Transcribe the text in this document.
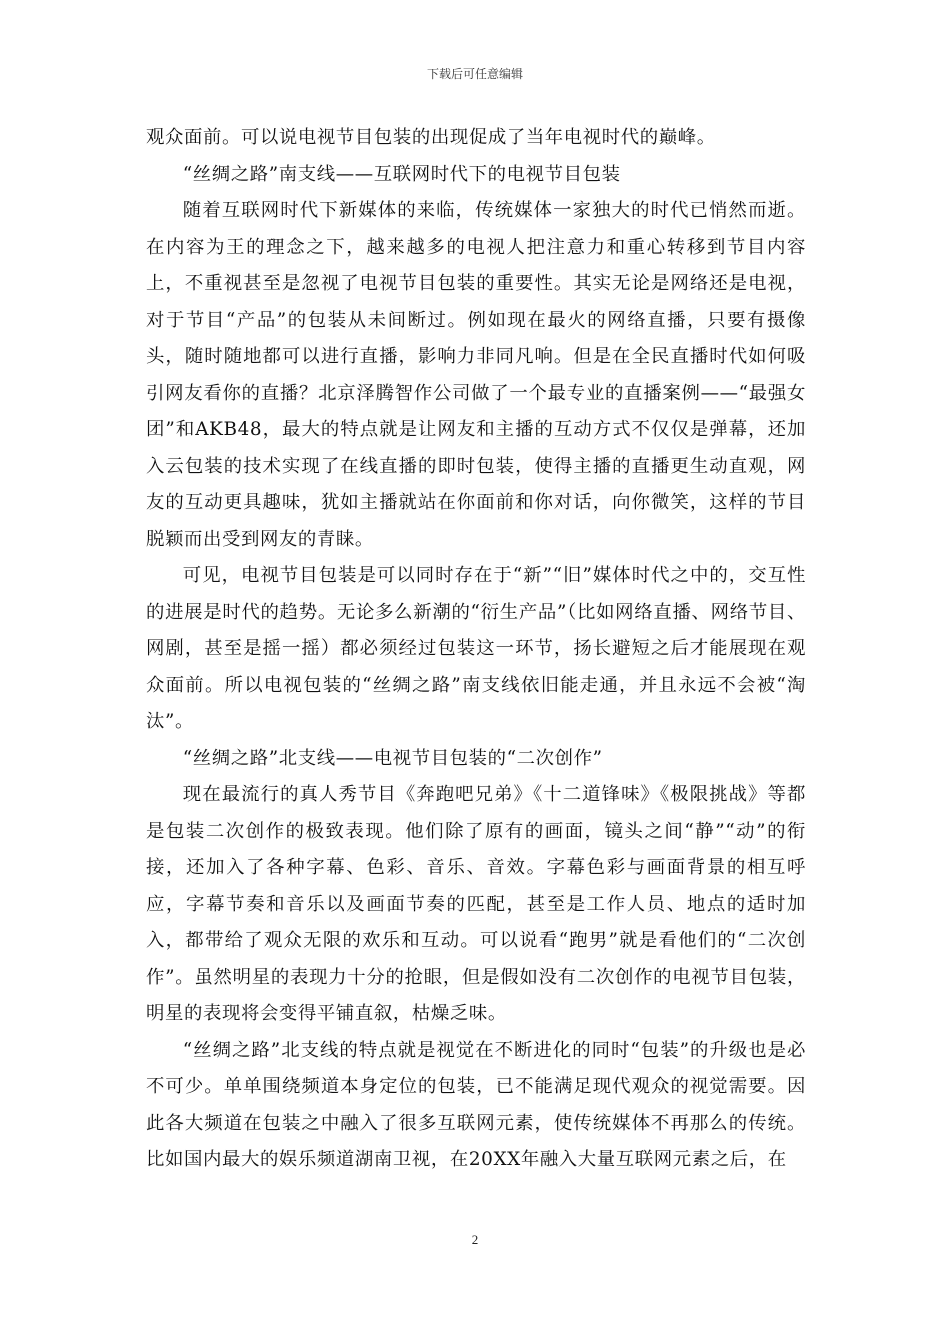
下载后可任意编辑

观众面前。可以说电视节目包装的出现促成了当年电视时代的巅峰。

“丝绸之路”南支线——互联网时代下的电视节目包装

随着互联网时代下新媒体的来临，传统媒体一家独大的时代已悄然而逝。在内容为王的理念之下，越来越多的电视人把注意力和重心转移到节目内容上，不重视甚至是忽视了电视节目包装的重要性。其实无论是网络还是电视，对于节目“产品”的包装从未间断过。例如现在最火的网络直播，只要有摄像头，随时随地都可以进行直播，影响力非同凡响。但是在全民直播时代如何吸引网友看你的直播？北京泽腾智作公司做了一个最专业的直播案例——“最强女团”和AKB48，最大的特点就是让网友和主播的互动方式不仅仅是弹幕，还加入云包装的技术实现了在线直播的即时包装，使得主播的直播更生动直观，网友的互动更具趣味，犹如主播就站在你面前和你对话，向你微笑，这样的节目脱颖而出受到网友的青睐。

可见，电视节目包装是可以同时存在于“新”“旧”媒体时代之中的，交互性的进展是时代的趋势。无论多么新潮的“衍生产品”（比如网络直播、网络节目、网剧，甚至是摇一摇）都必须经过包装这一环节，扬长避短之后才能展现在观众面前。所以电视包装的“丝绸之路”南支线依旧能走通，并且永远不会被“淘汰”。

“丝绸之路”北支线——电视节目包装的“二次创作”

现在最流行的真人秀节目《奔跑吧兄弟》《十二道锋味》《极限挑战》等都是包装二次创作的极致表现。他们除了原有的画面，镜头之间“静”“动”的衔接，还加入了各种字幕、色彩、音乐、音效。字幕色彩与画面背景的相互呼应，字幕节奏和音乐以及画面节奏的匹配，甚至是工作人员、地点的适时加入，都带给了观众无限的欢乐和互动。可以说看“跑男”就是看他们的“二次创作”。虽然明星的表现力十分的抢眼，但是假如没有二次创作的电视节目包装，明星的表现将会变得平铺直叙，枯燥乏味。

“丝绸之路”北支线的特点就是视觉在不断进化的同时“包装”的升级也是必不可少。单单围绕频道本身定位的包装，已不能满足现代观众的视觉需要。因此各大频道在包装之中融入了很多互联网元素，使传统媒体不再那么的传统。比如国内最大的娱乐频道湖南卫视，在20XX年融入大量互联网元素之后，在

2
